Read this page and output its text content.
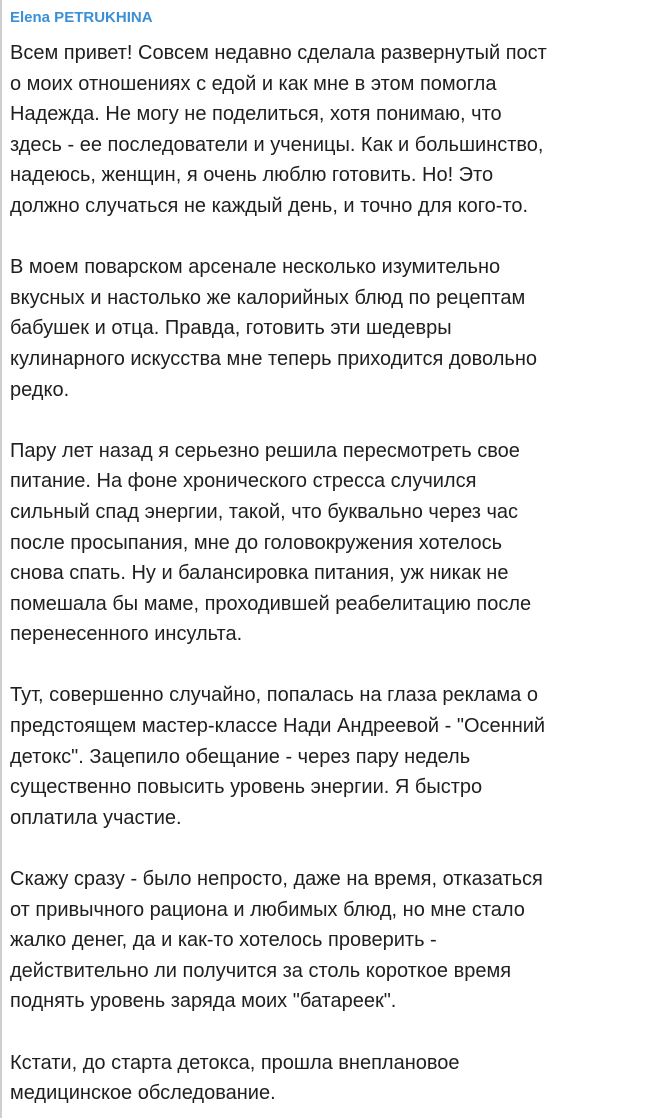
Elena PETRUKHINA
Всем привет! Совсем недавно сделала развернутый пост
о моих отношениях с едой и как мне в этом помогла
Надежда. Не могу не поделиться, хотя понимаю, что
здесь - ее последователи и ученицы. Как и большинство,
надеюсь, женщин, я очень люблю готовить. Но! Это
должно случаться не каждый день, и точно для кого-то.
В моем поварском арсенале несколько изумительно
вкусных и настолько же калорийных блюд по рецептам
бабушек и отца. Правда, готовить эти шедевры
кулинарного искусства мне теперь приходится довольно
редко.
Пару лет назад я серьезно решила пересмотреть свое
питание. На фоне хронического стресса случился
сильный спад энергии, такой, что буквально через час
после просыпания, мне до головокружения хотелось
снова спать. Ну и балансировка питания, уж никак не
помешала бы маме, проходившей реабелитацию после
перенесенного инсульта.
Тут, совершенно случайно, попалась на глаза реклама о
предстоящем мастер-классе Нади Андреевой - "Осенний
детокс". Зацепило обещание - через пару недель
существенно повысить уровень энергии. Я быстро
оплатила участие.
Скажу сразу - было непросто, даже на время, отказаться
от привычного рациона и любимых блюд, но мне стало
жалко денег, да и как-то хотелось проверить -
действительно ли получится за столь короткое время
поднять уровень заряда моих "батареек".
Кстати, до старта детокса, прошла внеплановое
медицинское обследование.
